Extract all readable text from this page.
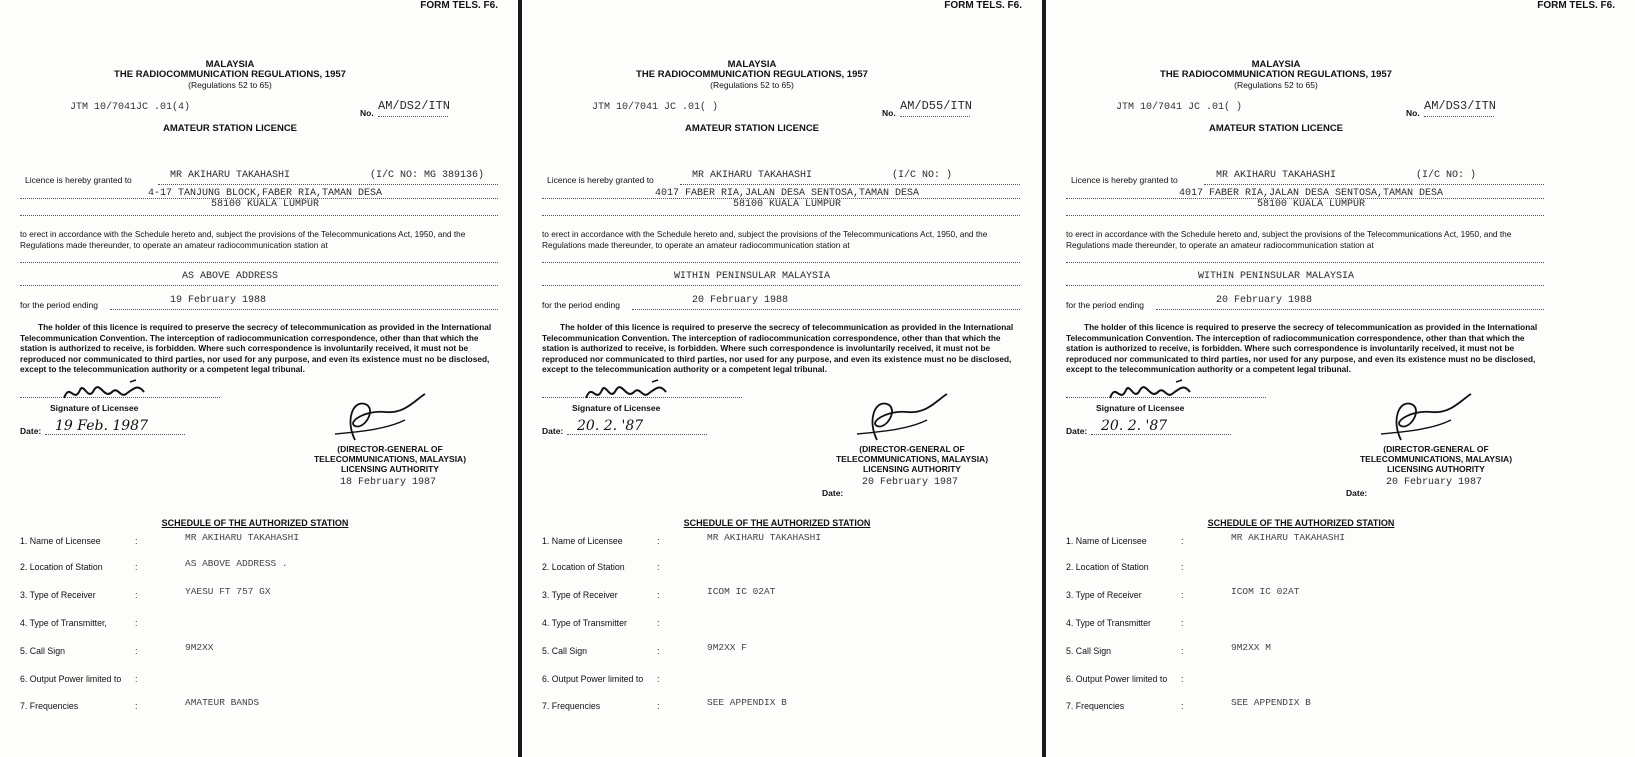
FORM TELS. F6.
MALAYSIA
THE RADIOCOMMUNICATION REGULATIONS, 1957
(Regulations 52 to 65)
JTM 10/7041JC .01(4)	No. AM/DS2/ITN
AMATEUR STATION LICENCE
Licence is hereby granted to	MR AKIHARU TAKAHASHI	(I/C NO: MG 389136)
4-17 TANJUNG BLOCK,FABER RIA,TAMAN DESA
58100 KUALA LUMPUR
to erect in accordance with the Schedule hereto and, subject the provisions of the Telecommunications Act, 1950, and the Regulations made thereunder, to operate an amateur radiocommunication station at
AS ABOVE ADDRESS
for the period ending	19 February 1988
The holder of this licence is required to preserve the secrecy of telecommunication as provided in the International Telecommunication Convention. The interception of radiocommunication correspondence, other than that which the station is authorized to receive, is forbidden. Where such correspondence is involuntarily received, it must not be reproduced nor communicated to third parties, nor used for any purpose, and even its existence must no be disclosed, except to the telecommunication authority or a competent legal tribunal.
Signature of Licensee
Date: 19 Feb. 1987
(DIRECTOR-GENERAL OF
TELECOMMUNICATIONS, MALAYSIA)
LICENSING AUTHORITY
18 February 1987
SCHEDULE OF THE AUTHORIZED STATION
1. Name of Licensee	:	MR AKIHARU TAKAHASHI
2. Location of Station	:	AS ABOVE ADDRESS .
3. Type of Receiver	:	YAESU FT 757 GX
4. Type of Transmitter,	:
5. Call Sign	:	9M2XX
6. Output Power limited to :
7. Frequencies	:	AMATEUR BANDS
FORM TELS. F6.
MALAYSIA
THE RADIOCOMMUNICATION REGULATIONS, 1957
(Regulations 52 to 65)
JTM 10/7041 JC .01( )	No. AM/D55/ITN
AMATEUR STATION LICENCE
Licence is hereby granted to	MR AKIHARU TAKAHASHI	(I/C NO: )
4017 FABER RIA,JALAN DESA SENTOSA,TAMAN DESA
58100 KUALA LUMPUR
to erect in accordance with the Schedule hereto and, subject the provisions of the Telecommunications Act, 1950, and the Regulations made thereunder, to operate an amateur radiocommunication station at
WITHIN PENINSULAR MALAYSIA
for the period ending	20 February 1988
The holder of this licence is required to preserve the secrecy of telecommunication as provided in the International Telecommunication Convention. The interception of radiocommunication correspondence, other than that which the station is authorized to receive, is forbidden. Where such correspondence is involuntarily received, it must not be reproduced nor communicated to third parties, nor used for any purpose, and even its existence must no be disclosed, except to the telecommunication authority or a competent legal tribunal.
Signature of Licensee
Date: 20. 2. '87
(DIRECTOR-GENERAL OF
TELECOMMUNICATIONS, MALAYSIA)
LICENSING AUTHORITY
Date:
20 February 1987
SCHEDULE OF THE AUTHORIZED STATION
1. Name of Licensee	:	MR AKIHARU TAKAHASHI
2. Location of Station	:
3. Type of Receiver	:	ICOM IC 02AT
4. Type of Transmitter	:
5. Call Sign	:	9M2XX F
6. Output Power limited to :
7. Frequencies	:	SEE APPENDIX B
FORM TELS. F6.
MALAYSIA
THE RADIOCOMMUNICATION REGULATIONS, 1957
(Regulations 52 to 65)
JTM 10/7041 JC .01( )	No. AM/DS3/ITN
AMATEUR STATION LICENCE
Licence is hereby granted to	MR AKIHARU TAKAHASHI	(I/C NO: )
4017 FABER RIA,JALAN DESA SENTOSA,TAMAN DESA
58100 KUALA LUMPUR
to erect in accordance with the Schedule hereto and, subject the provisions of the Telecommunications Act, 1950, and the Regulations made thereunder, to operate an amateur radiocommunication station at
WITHIN PENINSULAR MALAYSIA
for the period ending	20 February 1988
The holder of this licence is required to preserve the secrecy of telecommunication as provided in the International Telecommunication Convention. The interception of radiocommunication correspondence, other than that which the station is authorized to receive, is forbidden. Where such correspondence is involuntarily received, it must not be reproduced nor communicated to third parties, nor used for any purpose, and even its existence must no be disclosed, except to the telecommunication authority or a competent legal tribunal.
Signature of Licensee
Date: 20. 2. '87
(DIRECTOR-GENERAL OF
TELECOMMUNICATIONS, MALAYSIA)
LICENSING AUTHORITY
Date:
20 February 1987
SCHEDULE OF THE AUTHORIZED STATION
1. Name of Licensee	:	MR AKIHARU TAKAHASHI
2. Location of Station	:
3. Type of Receiver	:	ICOM IC 02AT
4. Type of Transmitter	:
5. Call Sign	:	9M2XX M
6. Output Power limited to :
7. Frequencies	:	SEE APPENDIX B
